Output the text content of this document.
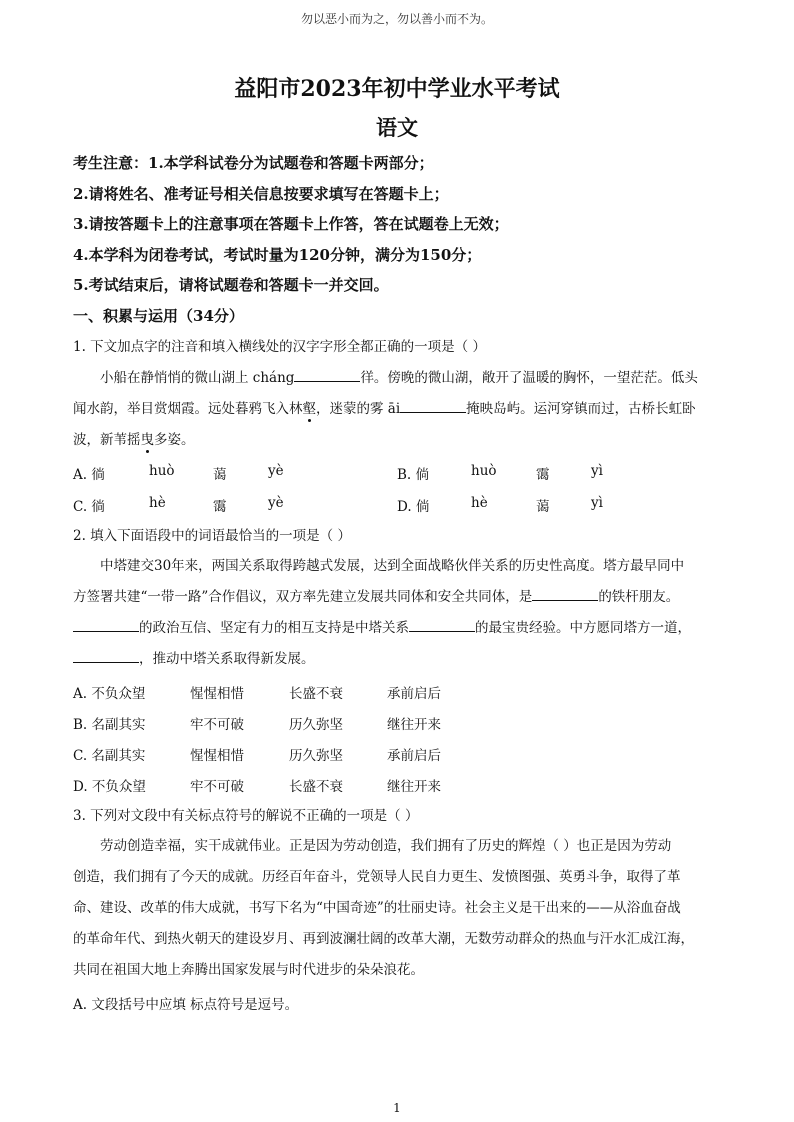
勿以恶小而为之，勿以善小而不为。
益阳市2023年初中学业水平考试
语文
考生注意：1.本学科试卷分为试题卷和答题卡两部分；
2.请将姓名、准考证号相关信息按要求填写在答题卡上；
3.请按答题卡上的注意事项在答题卡上作答，答在试题卷上无效；
4.本学科为闭卷考试，考试时量为120分钟，满分为150分；
5.考试结束后，请将试题卷和答题卡一并交回。
一、积累与运用（34分）
1. 下文加点字的注音和填入横线处的汉字字形全都正确的一项是（ ）
小船在静悄悄的微山湖上 cháng	徉。傍晚的微山湖，敞开了温暖的胸怀，一望茫茫。低头
闻水韵，举目赏烟霞。远处暮鸦飞入林壑，迷蒙的雾 āi	掩映岛屿。运河穿镇而过，古桥长虹卧
波，新苇摇曳多姿。
A. 徜	huò	蔼	yè	B. 倘	huò	霭	yì
C. 徜	hè	霭	yè	D. 倘	hè	蔼	yì
2. 填入下面语段中的词语最恰当的一项是（ ）
中塔建交30年来，两国关系取得跨越式发展，达到全面战略伙伴关系的历史性高度。塔方最早同中
方签署共建“一带一路”合作倡议，双方率先建立发展共同体和安全共同体，是	的铁杆朋友。
的政治互信、坚定有力的相互支持是中塔关系	的最宝贵经验。中方愿同塔方一道，
，推动中塔关系取得新发展。
A. 不负众望	惺惺相惜	长盛不衰	承前启后
B. 名副其实	牢不可破	历久弥坚	继往开来
C. 名副其实	惺惺相惜	历久弥坚	承前启后
D. 不负众望	牢不可破	长盛不衰	继往开来
3. 下列对文段中有关标点符号的解说不正确的一项是（ ）
劳动创造幸福，实干成就伟业。正是因为劳动创造，我们拥有了历史的辉煌（ ）也正是因为劳动
创造，我们拥有了今天的成就。历经百年奋斗，党领导人民自力更生、发愤图强、英勇斗争，取得了革
命、建设、改革的伟大成就，书写下名为“中国奇迹”的壮丽史诗。社会主义是干出来的——从浴血奋战
的革命年代、到热火朝天的建设岁月、再到波澜壮阔的改革大潮，无数劳动群众的热血与汗水汇成江海，
共同在祖国大地上奔腾出国家发展与时代进步的朵朵浪花。
A. 文段括号中应填 标点符号是逗号。
1
